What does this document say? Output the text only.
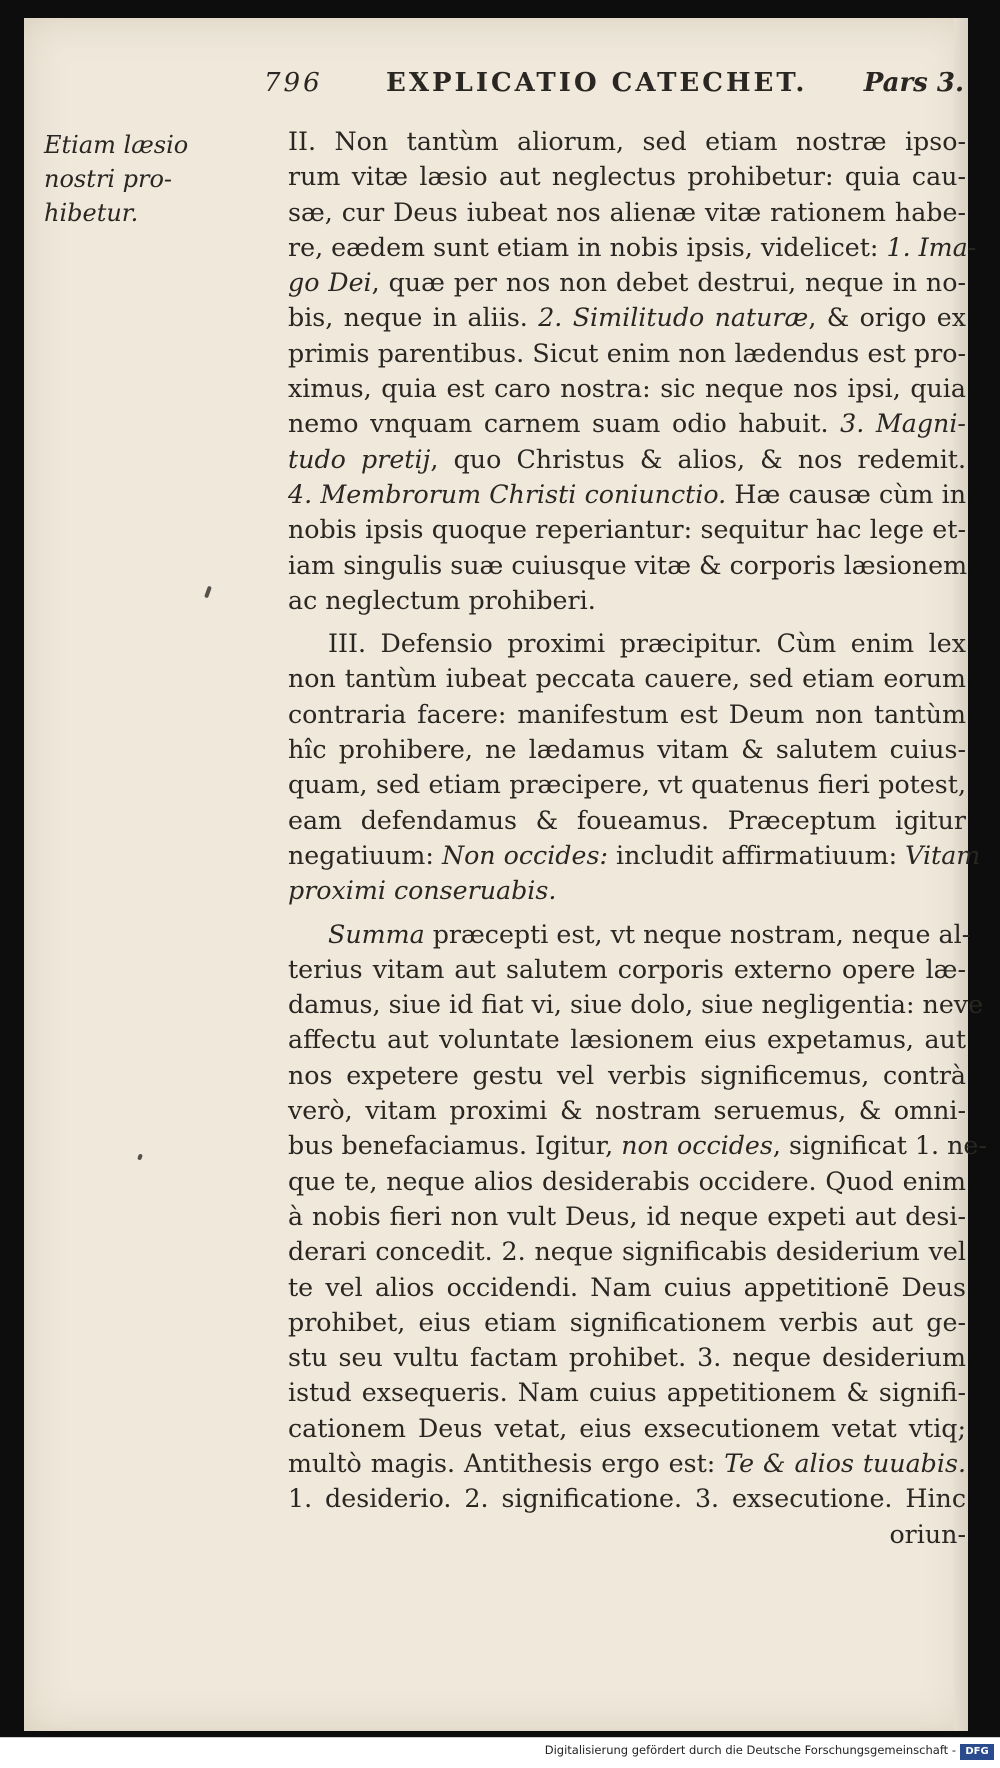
796 EXPLICATIO CATECHET. Pars 3.
Etiam læsio
nostri pro-
hibetur.
II. Non tantùm aliorum, sed etiam nostræ ipso-
rum vitæ læsio aut neglectus prohibetur: quia cau-
sæ, cur Deus iubeat nos alienæ vitæ rationem habe-
re, eædem sunt etiam in nobis ipsis, videlicet: 1. Ima-
go Dei, quæ per nos non debet destrui, neque in no-
bis, neque in aliis. 2. Similitudo naturæ, & origo ex
primis parentibus. Sicut enim non lædendus est pro-
ximus, quia est caro nostra: sic neque nos ipsi, quia
nemo vnquam carnem suam odio habuit. 3. Magni-
tudo pretij, quo Christus & alios, & nos redemit.
4. Membrorum Christi coniunctio. Hæ causæ cùm in
nobis ipsis quoque reperiantur: sequitur hac lege et-
iam singulis suæ cuiusque vitæ & corporis læsionem
ac neglectum prohiberi.
III. Defensio proximi præcipitur. Cùm enim lex
non tantùm iubeat peccata cauere, sed etiam eorum
contraria facere: manifestum est Deum non tantùm
hîc prohibere, ne lædamus vitam & salutem cuius-
quam, sed etiam præcipere, vt quatenus fieri potest,
eam defendamus & foueamus. Præceptum igitur
negatiuum: Non occides: includit affirmatiuum: Vitam
proximi conseruabis.
Summa præcepti est, vt neque nostram, neque al-
terius vitam aut salutem corporis externo opere læ-
damus, siue id fiat vi, siue dolo, siue negligentia: neve
affectu aut voluntate læsionem eius expetamus, aut
nos expetere gestu vel verbis significemus, contrà
verò, vitam proximi & nostram seruemus, & omni-
bus benefaciamus. Igitur, non occides, significat 1. ne-
que te, neque alios desiderabis occidere. Quod enim
à nobis fieri non vult Deus, id neque expeti aut desi-
derari concedit. 2. neque significabis desiderium vel
te vel alios occidendi. Nam cuius appetitionē Deus
prohibet, eius etiam significationem verbis aut ge-
stu seu vultu factam prohibet. 3. neque desiderium
istud exsequeris. Nam cuius appetitionem & signifi-
cationem Deus vetat, eius exsecutionem vetat vtiq;
multò magis. Antithesis ergo est: Te & alios tuuabis.
1. desiderio. 2. significatione. 3. exsecutione. Hinc
oriun-
Digitalisierung gefördert durch die Deutsche Forschungsgemeinschaft - DFG
